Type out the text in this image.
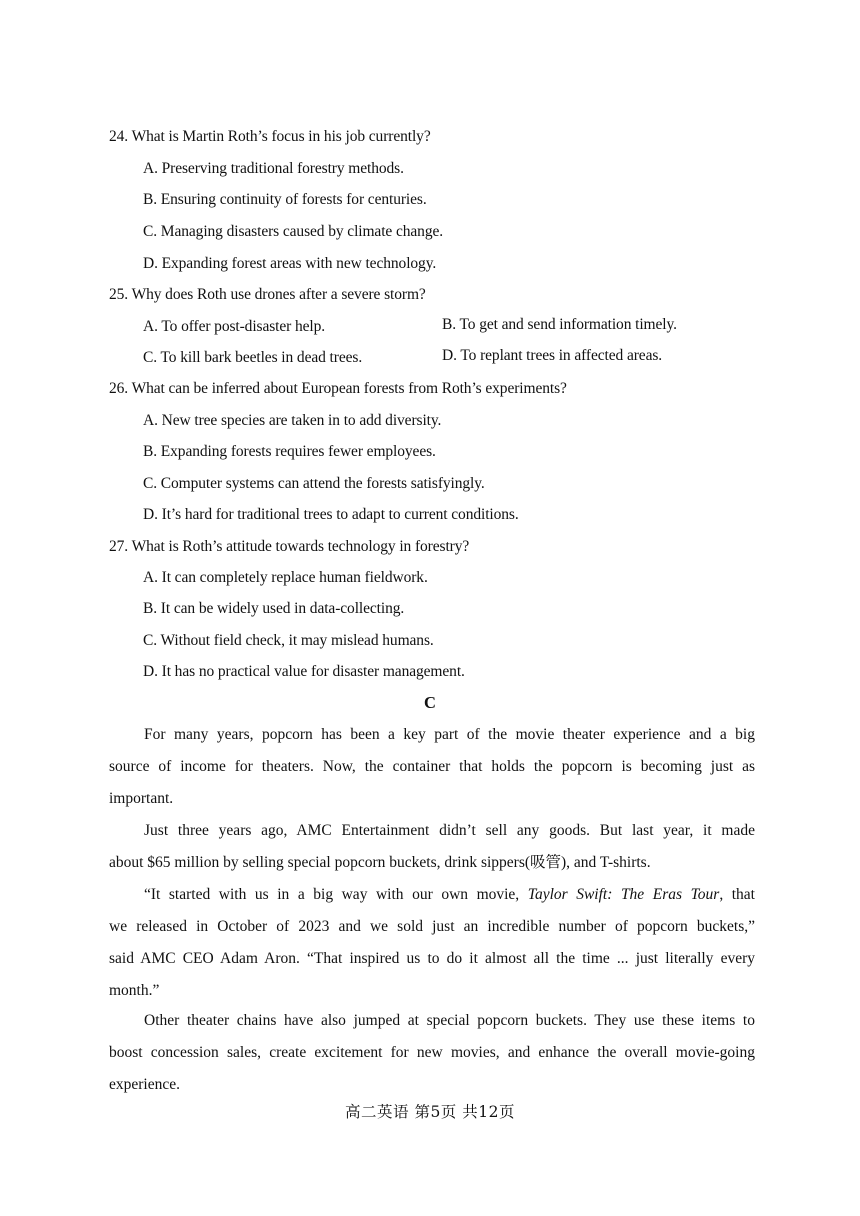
24. What is Martin Roth’s focus in his job currently?
A. Preserving traditional forestry methods.
B. Ensuring continuity of forests for centuries.
C. Managing disasters caused by climate change.
D. Expanding forest areas with new technology.
25. Why does Roth use drones after a severe storm?
A. To offer post-disaster help.	B. To get and send information timely.
C. To kill bark beetles in dead trees.	D. To replant trees in affected areas.
26. What can be inferred about European forests from Roth’s experiments?
A. New tree species are taken in to add diversity.
B. Expanding forests requires fewer employees.
C. Computer systems can attend the forests satisfyingly.
D. It’s hard for traditional trees to adapt to current conditions.
27. What is Roth’s attitude towards technology in forestry?
A. It can completely replace human fieldwork.
B. It can be widely used in data-collecting.
C. Without field check, it may mislead humans.
D. It has no practical value for disaster management.
C
For many years, popcorn has been a key part of the movie theater experience and a big
source of income for theaters. Now, the container that holds the popcorn is becoming just as
important.
Just three years ago, AMC Entertainment didn’t sell any goods. But last year, it made
about $65 million by selling special popcorn buckets, drink sippers(吸管), and T-shirts.
“It started with us in a big way with our own movie, Taylor Swift: The Eras Tour, that
we released in October of 2023 and we sold just an incredible number of popcorn buckets,”
said AMC CEO Adam Aron. “That inspired us to do it almost all the time ... just literally every
month.”
Other theater chains have also jumped at special popcorn buckets. They use these items to
boost concession sales, create excitement for new movies, and enhance the overall movie-going
experience.
高二英语 第5页 共12页
